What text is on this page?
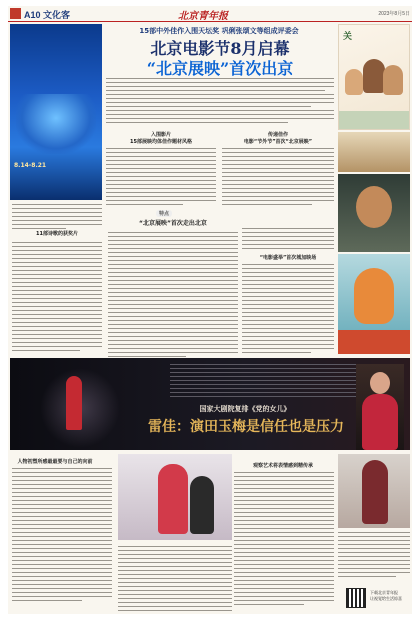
A10 文化客	北京青年报	2023年8月5日
8.14-8.21
15部中外佳作入围天坛奖 巩俐张颂文等组成评委会
北京电影节8月启幕
“北京展映”首次出京
入围影片
15部展映均体佳作题材风格
传递佳作
电影“节外节”首次“北京展映”
11部诗歌的获奖片
特点
“北京展映”首次走出北京
“电影盛举”首次城加映场
关
国家大剧院复排《党的女儿》
雷佳：演田玉梅是信任也是压力
人物初塑所感最最要与自己的向前
观察艺术将表情感到精传承
下载北京青年报
让视觉给生活惊喜
